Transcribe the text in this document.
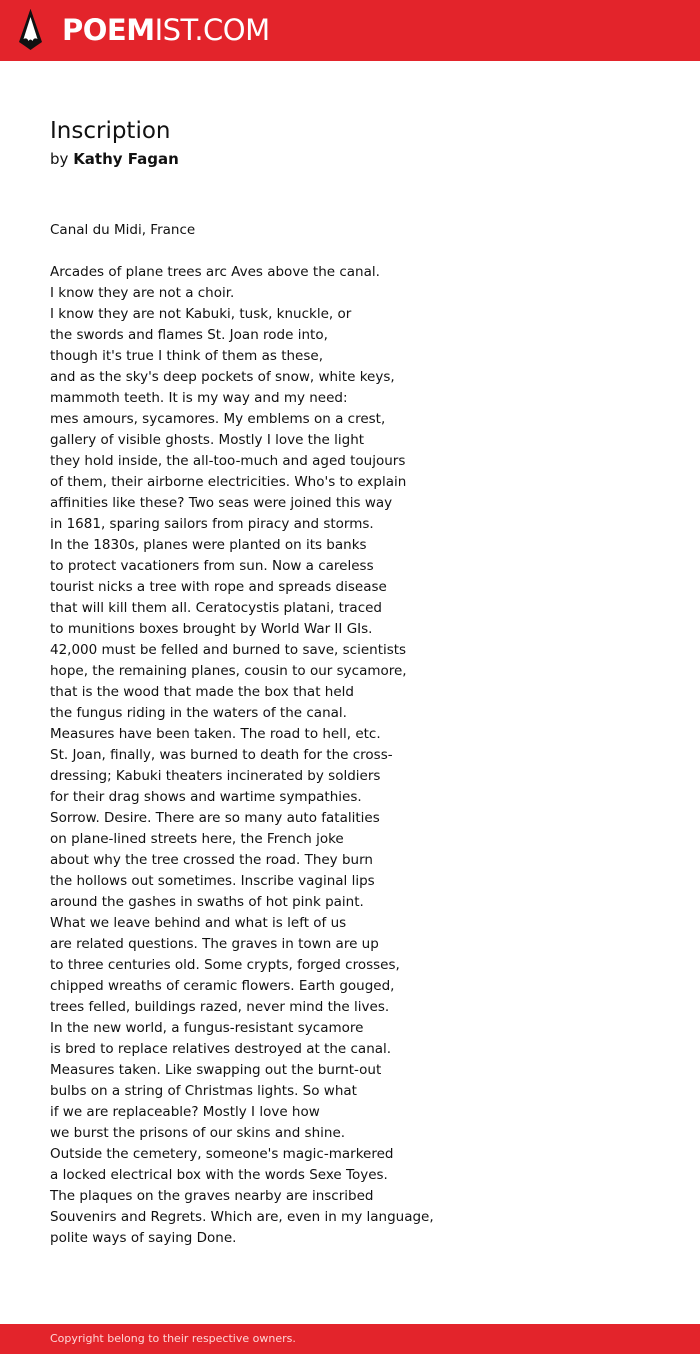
POEMIST.COM
Inscription
by Kathy Fagan
Canal du Midi, France
Arcades of plane trees arc Aves above the canal.
I know they are not a choir.
I know they are not Kabuki, tusk, knuckle, or
the swords and flames St. Joan rode into,
though it's true I think of them as these,
and as the sky's deep pockets of snow, white keys,
mammoth teeth. It is my way and my need:
mes amours, sycamores. My emblems on a crest,
gallery of visible ghosts. Mostly I love the light
they hold inside, the all-too-much and aged toujours
of them, their airborne electricities. Who's to explain
affinities like these? Two seas were joined this way
in 1681, sparing sailors from piracy and storms.
In the 1830s, planes were planted on its banks
to protect vacationers from sun. Now a careless
tourist nicks a tree with rope and spreads disease
that will kill them all. Ceratocystis platani, traced
to munitions boxes brought by World War II GIs.
42,000 must be felled and burned to save, scientists
hope, the remaining planes, cousin to our sycamore,
that is the wood that made the box that held
the fungus riding in the waters of the canal.
Measures have been taken. The road to hell, etc.
St. Joan, finally, was burned to death for the cross-
dressing; Kabuki theaters incinerated by soldiers
for their drag shows and wartime sympathies.
Sorrow. Desire. There are so many auto fatalities
on plane-lined streets here, the French joke
about why the tree crossed the road. They burn
the hollows out sometimes. Inscribe vaginal lips
around the gashes in swaths of hot pink paint.
What we leave behind and what is left of us
are related questions. The graves in town are up
to three centuries old. Some crypts, forged crosses,
chipped wreaths of ceramic flowers. Earth gouged,
trees felled, buildings razed, never mind the lives.
In the new world, a fungus-resistant sycamore
is bred to replace relatives destroyed at the canal.
Measures taken. Like swapping out the burnt-out
bulbs on a string of Christmas lights. So what
if we are replaceable? Mostly I love how
we burst the prisons of our skins and shine.
Outside the cemetery, someone's magic-markered
a locked electrical box with the words Sexe Toyes.
The plaques on the graves nearby are inscribed
Souvenirs and Regrets. Which are, even in my language,
polite ways of saying Done.
Copyright belong to their respective owners.
